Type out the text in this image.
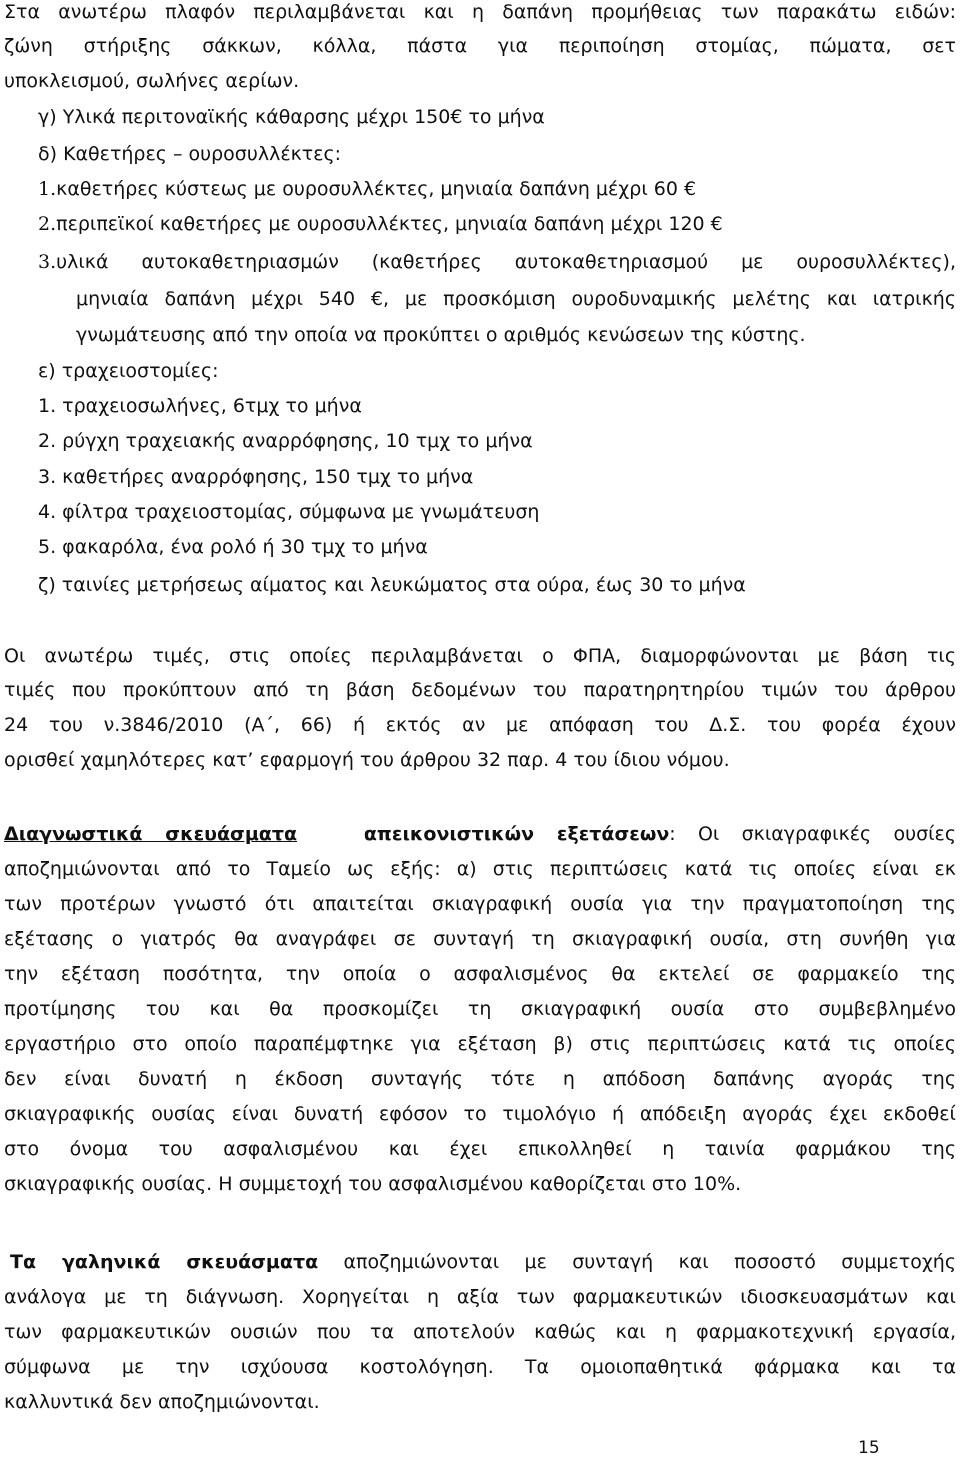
Στα ανωτέρω πλαφόν περιλαμβάνεται και η δαπάνη προμήθειας των παρακάτω ειδών:
ζώνη στήριξης σάκκων, κόλλα, πάστα για περιποίηση στομίας, πώματα, σετ
υποκλεισμού, σωλήνες αερίων.
γ) Υλικά περιτοναϊκής κάθαρσης μέχρι 150€ το μήνα
δ) Καθετήρες – ουροσυλλέκτες:
1.καθετήρες κύστεως με ουροσυλλέκτες, μηνιαία δαπάνη μέχρι 60 €
2.περιπεϊκοί καθετήρες με ουροσυλλέκτες, μηνιαία δαπάνη μέχρι 120 €
3.υλικά αυτοκαθετηριασμών (καθετήρες αυτοκαθετηριασμού με ουροσυλλέκτες),
μηνιαία δαπάνη μέχρι 540 €, με προσκόμιση ουροδυναμικής μελέτης και ιατρικής
γνωμάτευσης από την οποία να προκύπτει ο αριθμός κενώσεων της κύστης.
ε) τραχειοστομίες:
1. τραχειοσωλήνες, 6τμχ το μήνα
2. ρύγχη τραχειακής αναρρόφησης, 10 τμχ το μήνα
3. καθετήρες αναρρόφησης, 150 τμχ το μήνα
4. φίλτρα τραχειοστομίας, σύμφωνα με γνωμάτευση
5. φακαρόλα, ένα ρολό ή 30 τμχ το μήνα
ζ) ταινίες μετρήσεως αίματος και λευκώματος στα ούρα, έως 30 το μήνα
Οι ανωτέρω τιμές, στις οποίες περιλαμβάνεται ο ΦΠΑ, διαμορφώνονται με βάση τις
τιμές που προκύπτουν από τη βάση δεδομένων του παρατηρητηρίου τιμών του άρθρου
24 του ν.3846/2010 (Α΄, 66) ή εκτός αν με απόφαση του Δ.Σ. του φορέα έχουν
ορισθεί χαμηλότερες κατ’ εφαρμογή του άρθρου 32 παρ. 4 του ίδιου νόμου.
Διαγνωστικά σκευάσματα	απεικονιστικών εξετάσεων: Οι σκιαγραφικές ουσίες
αποζημιώνονται από το Ταμείο ως εξής: α) στις περιπτώσεις κατά τις οποίες είναι εκ
των προτέρων γνωστό ότι απαιτείται σκιαγραφική ουσία για την πραγματοποίηση της
εξέτασης ο γιατρός θα αναγράφει σε συνταγή τη σκιαγραφική ουσία, στη συνήθη για
την εξέταση ποσότητα, την οποία ο ασφαλισμένος θα εκτελεί σε φαρμακείο της
προτίμησης του και θα προσκομίζει τη σκιαγραφική ουσία στο συμβεβλημένο
εργαστήριο στο οποίο παραπέμφτηκε για εξέταση β) στις περιπτώσεις κατά τις οποίες
δεν είναι δυνατή η έκδοση συνταγής τότε η απόδοση δαπάνης αγοράς της
σκιαγραφικής ουσίας είναι δυνατή εφόσον το τιμολόγιο ή απόδειξη αγοράς έχει εκδοθεί
στο όνομα του ασφαλισμένου και έχει επικολληθεί η ταινία φαρμάκου της
σκιαγραφικής ουσίας. Η συμμετοχή του ασφαλισμένου καθορίζεται στο 10%.
Τα γαληνικά σκευάσματα αποζημιώνονται με συνταγή και ποσοστό συμμετοχής
ανάλογα με τη διάγνωση. Χορηγείται η αξία των φαρμακευτικών ιδιοσκευασμάτων και
των φαρμακευτικών ουσιών που τα αποτελούν καθώς και η φαρμακοτεχνική εργασία,
σύμφωνα με την ισχύουσα κοστολόγηση. Τα ομοιοπαθητικά φάρμακα και τα
καλλυντικά δεν αποζημιώνονται.
15
